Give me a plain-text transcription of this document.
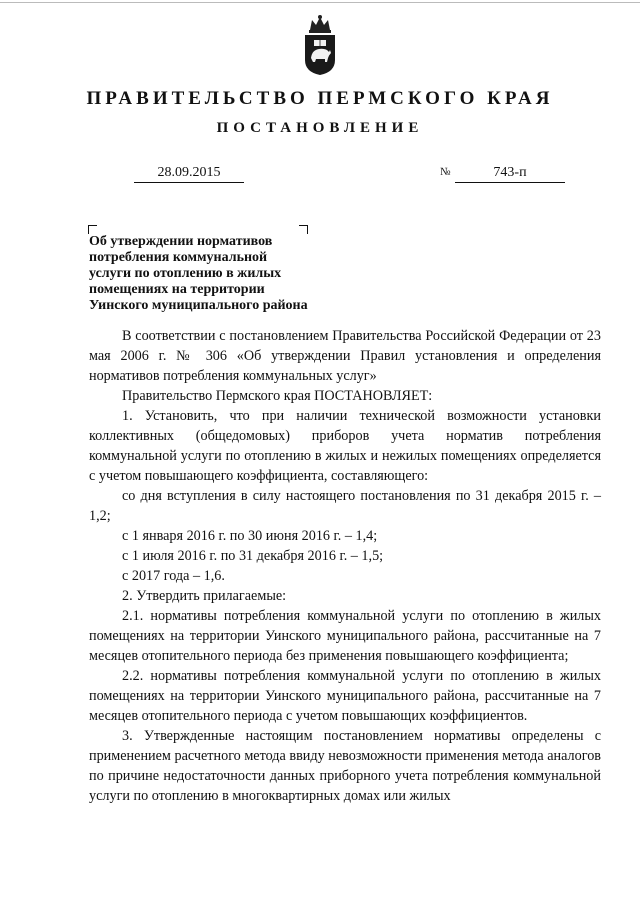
ПРАВИТЕЛЬСТВО ПЕРМСКОГО КРАЯ
ПОСТАНОВЛЕНИЕ
28.09.2015	№	743-п
Об утверждении нормативов
потребления коммунальной
услуги по отоплению в жилых
помещениях на территории
Уинского муниципального района

В соответствии с постановлением Правительства Российской Федерации от 23 мая 2006 г. № 306 «Об утверждении Правил установления и определения нормативов потребления коммунальных услуг»

Правительство Пермского края ПОСТАНОВЛЯЕТ:

1. Установить, что при наличии технической возможности установки коллективных (общедомовых) приборов учета норматив потребления коммунальной услуги по отоплению в жилых и нежилых помещениях определяется с учетом повышающего коэффициента, составляющего:

со дня вступления в силу настоящего постановления по 31 декабря 2015 г. – 1,2;

с 1 января 2016 г. по 30 июня 2016 г. – 1,4;

с 1 июля 2016 г. по 31 декабря 2016 г. – 1,5;

с 2017 года – 1,6.

2. Утвердить прилагаемые:

2.1. нормативы потребления коммунальной услуги по отоплению в жилых помещениях на территории Уинского муниципального района, рассчитанные на 7 месяцев отопительного периода без применения повышающего коэффициента;

2.2. нормативы потребления коммунальной услуги по отоплению в жилых помещениях на территории Уинского муниципального района, рассчитанные на 7 месяцев отопительного периода с учетом повышающих коэффициентов.

3. Утвержденные настоящим постановлением нормативы определены с применением расчетного метода ввиду невозможности применения метода аналогов по причине недостаточности данных приборного учета потребления коммунальной услуги по отоплению в многоквартирных домах или жилых
